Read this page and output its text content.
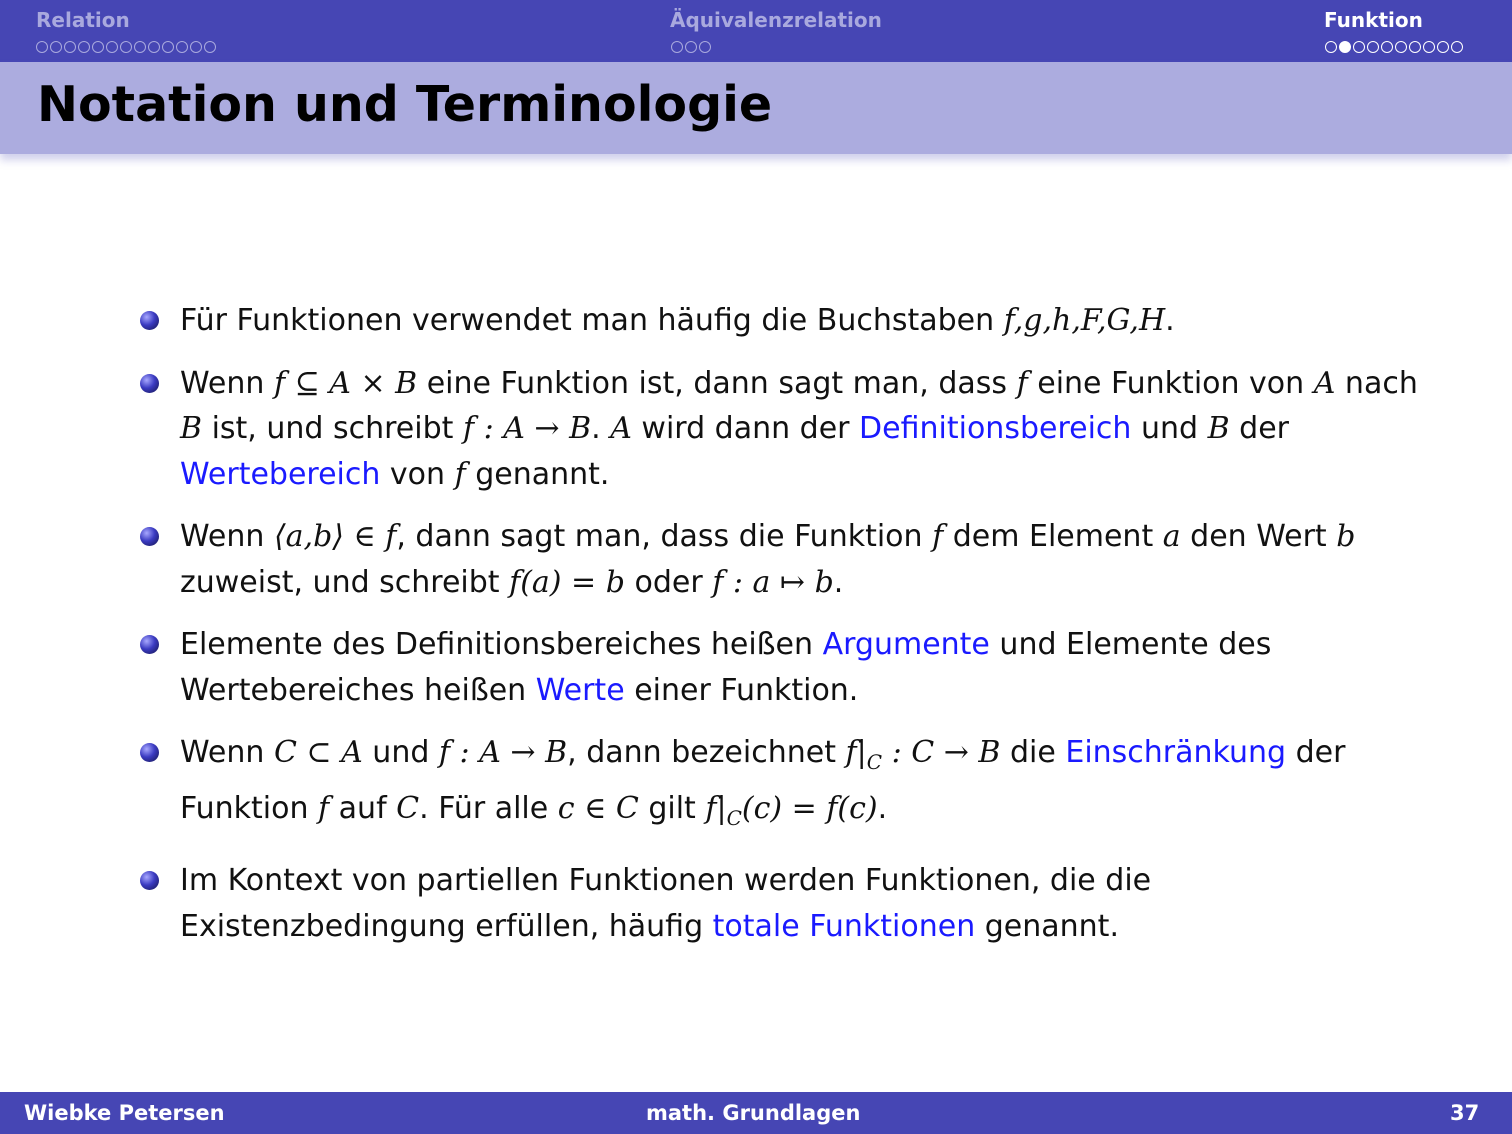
Relation	Äquivalenzrelation	Funktion
Notation und Terminologie
Für Funktionen verwendet man häufig die Buchstaben f,g,h,F,G,H.
Wenn f ⊆ A × B eine Funktion ist, dann sagt man, dass f eine Funktion von A nach B ist, und schreibt f : A → B. A wird dann der Definitionsbereich und B der Wertebereich von f genannt.
Wenn ⟨a,b⟩ ∈ f, dann sagt man, dass die Funktion f dem Element a den Wert b zuweist, und schreibt f(a) = b oder f : a ↦ b.
Elemente des Definitionsbereiches heißen Argumente und Elemente des Wertebereiches heißen Werte einer Funktion.
Wenn C ⊂ A und f : A → B, dann bezeichnet $f|_C$ : C → B die Einschränkung der Funktion f auf C. Für alle c ∈ C gilt $f|_C(c) = f(c)$.
Im Kontext von partiellen Funktionen werden Funktionen, die die Existenzbedingung erfüllen, häufig totale Funktionen genannt.
Wiebke Petersen	math. Grundlagen	37
